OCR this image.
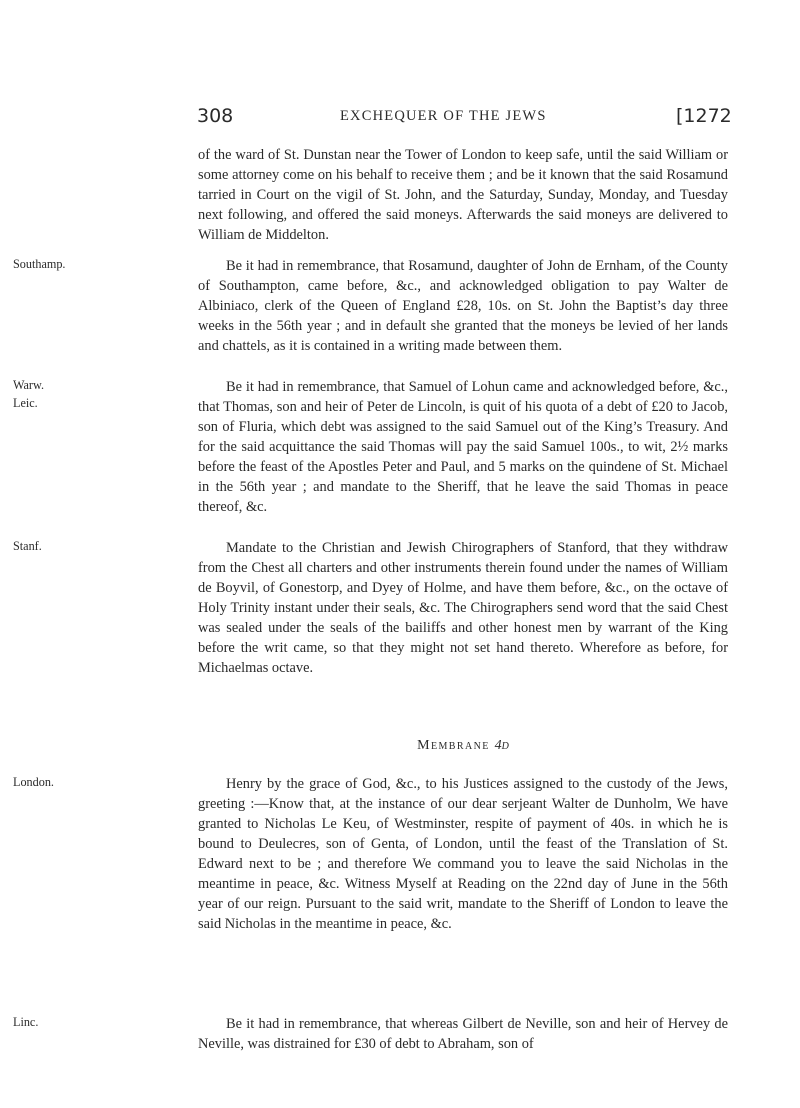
308	EXCHEQUER OF THE JEWS	[1272

of the ward of St. Dunstan near the Tower of London to keep safe, until the said William or some attorney come on his behalf to receive them ; and be it known that the said Rosamund tarried in Court on the vigil of St. John, and the Saturday, Sunday, Monday, and Tuesday next following, and offered the said moneys. Afterwards the said moneys are delivered to William de Middelton.

Southamp.	Be it had in remembrance, that Rosamund, daughter of John de Ernham, of the County of Southampton, came before, &c., and acknowledged obligation to pay Walter de Albiniaco, clerk of the Queen of England £28, 10s. on St. John the Baptist’s day three weeks in the 56th year ; and in default she granted that the moneys be levied of her lands and chattels, as it is contained in a writing made between them.

Warw.
Leic.

Be it had in remembrance, that Samuel of Lohun came and acknowledged before, &c., that Thomas, son and heir of Peter de Lincoln, is quit of his quota of a debt of £20 to Jacob, son of Fluria, which debt was assigned to the said Samuel out of the King’s Treasury. And for the said acquittance the said Thomas will pay the said Samuel 100s., to wit, 2½ marks before the feast of the Apostles Peter and Paul, and 5 marks on the quindene of St. Michael in the 56th year ; and mandate to the Sheriff, that he leave the said Thomas in peace thereof, &c.

Stanf.	Mandate to the Christian and Jewish Chirographers of Stanford, that they withdraw from the Chest all charters and other instruments therein found under the names of William de Boyvil, of Gonestorp, and Dyey of Holme, and have them before, &c., on the octave of Holy Trinity instant under their seals, &c. The Chirographers send word that the said Chest was sealed under the seals of the bailiffs and other honest men by warrant of the King before the writ came, so that they might not set hand thereto. Wherefore as before, for Michaelmas octave.

Membrane 4d
London.	Henry by the grace of God, &c., to his Justices assigned to the custody of the Jews, greeting :—Know that, at the instance of our dear serjeant Walter de Dunholm, We have granted to Nicholas Le Keu, of Westminster, respite of payment of 40s. in which he is bound to Deulecres, son of Genta, of London, until the feast of the Translation of St. Edward next to be ; and therefore We command you to leave the said Nicholas in the meantime in peace, &c. Witness Myself at Reading on the 22nd day of June in the 56th year of our reign. Pursuant to the said writ, mandate to the Sheriff of London to leave the said Nicholas in the meantime in peace, &c.

Linc.	Be it had in remembrance, that whereas Gilbert de Neville, son and heir of Hervey de Neville, was distrained for £30 of debt to Abraham, son of
